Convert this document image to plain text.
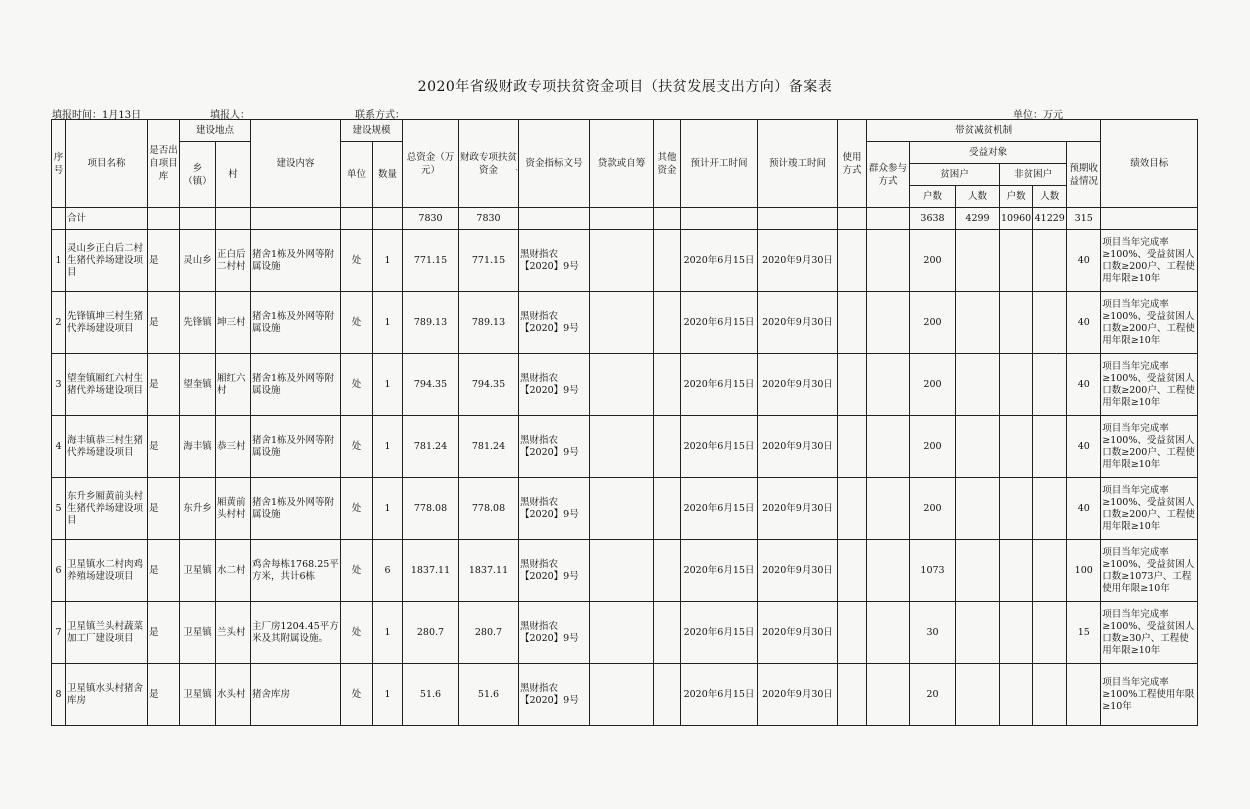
2020年省级财政专项扶贫资金项目（扶贫发展支出方向）备案表
填报时间：1月13日	填报人：	联系方式：	单位：万元
序号	项目名称	是否出自项目库	建设地点		建设内容	建设规模		总资金（万元）	财政专项扶贫资金	资金指标文号	贷款或自筹	其他资金	预计开工时间	预计竣工时间	使用方式	带贫减贫机制						绩效目标
			乡（镇）	村		单位	数量									群众参与方式	受益对象				预期收益情况	
																	贫困户		非贫困户			
																	户数	人数	户数	人数		
	合计							7830	7830								3638	4299	10960	41229	315	
1	灵山乡正白后二村生猪代养场建设项目	是	灵山乡	正白后二村村	猪舍1栋及外网等附属设施	处	1	771.15	771.15	黑财指农【2020】9号			2020年6月15日	2020年9月30日			200				40	项目当年完成率≥100%、受益贫困人口数≥200户、工程使用年限≥10年
2	先锋镇坤三村生猪代养场建设项目	是	先锋镇	坤三村	猪舍1栋及外网等附属设施	处	1	789.13	789.13	黑财指农【2020】9号			2020年6月15日	2020年9月30日			200				40	项目当年完成率≥100%、受益贫困人口数≥200户、工程使用年限≥10年
3	望奎镇厢红六村生猪代养场建设项目	是	望奎镇	厢红六村	猪舍1栋及外网等附属设施	处	1	794.35	794.35	黑财指农【2020】9号			2020年6月15日	2020年9月30日			200				40	项目当年完成率≥100%、受益贫困人口数≥200户、工程使用年限≥10年
4	海丰镇恭三村生猪代养场建设项目	是	海丰镇	恭三村	猪舍1栋及外网等附属设施	处	1	781.24	781.24	黑财指农【2020】9号			2020年6月15日	2020年9月30日			200				40	项目当年完成率≥100%、受益贫困人口数≥200户、工程使用年限≥10年
5	东升乡厢黄前头村生猪代养场建设项目	是	东升乡	厢黄前头村村	猪舍1栋及外网等附属设施	处	1	778.08	778.08	黑财指农【2020】9号			2020年6月15日	2020年9月30日			200				40	项目当年完成率≥100%、受益贫困人口数≥200户、工程使用年限≥10年
6	卫星镇水二村肉鸡养殖场建设项目	是	卫星镇	水二村	鸡舍每栋1768.25平方米，共计6栋	处	6	1837.11	1837.11	黑财指农【2020】9号			2020年6月15日	2020年9月30日			1073				100	项目当年完成率≥100%、受益贫困人口数≥1073户、工程使用年限≥10年
7	卫星镇兰头村蔬菜加工厂建设项目	是	卫星镇	兰头村	主厂房1204.45平方米及其附属设施。	处	1	280.7	280.7	黑财指农【2020】9号			2020年6月15日	2020年9月30日			30				15	项目当年完成率≥100%、受益贫困人口数≥30户、工程使用年限≥10年
8	卫星镇水头村猪舍库房	是	卫星镇	水头村	猪舍库房	处	1	51.6	51.6	黑财指农【2020】9号			2020年6月15日	2020年9月30日			20					项目当年完成率≥100%工程使用年限≥10年
ˎ
ˎ
